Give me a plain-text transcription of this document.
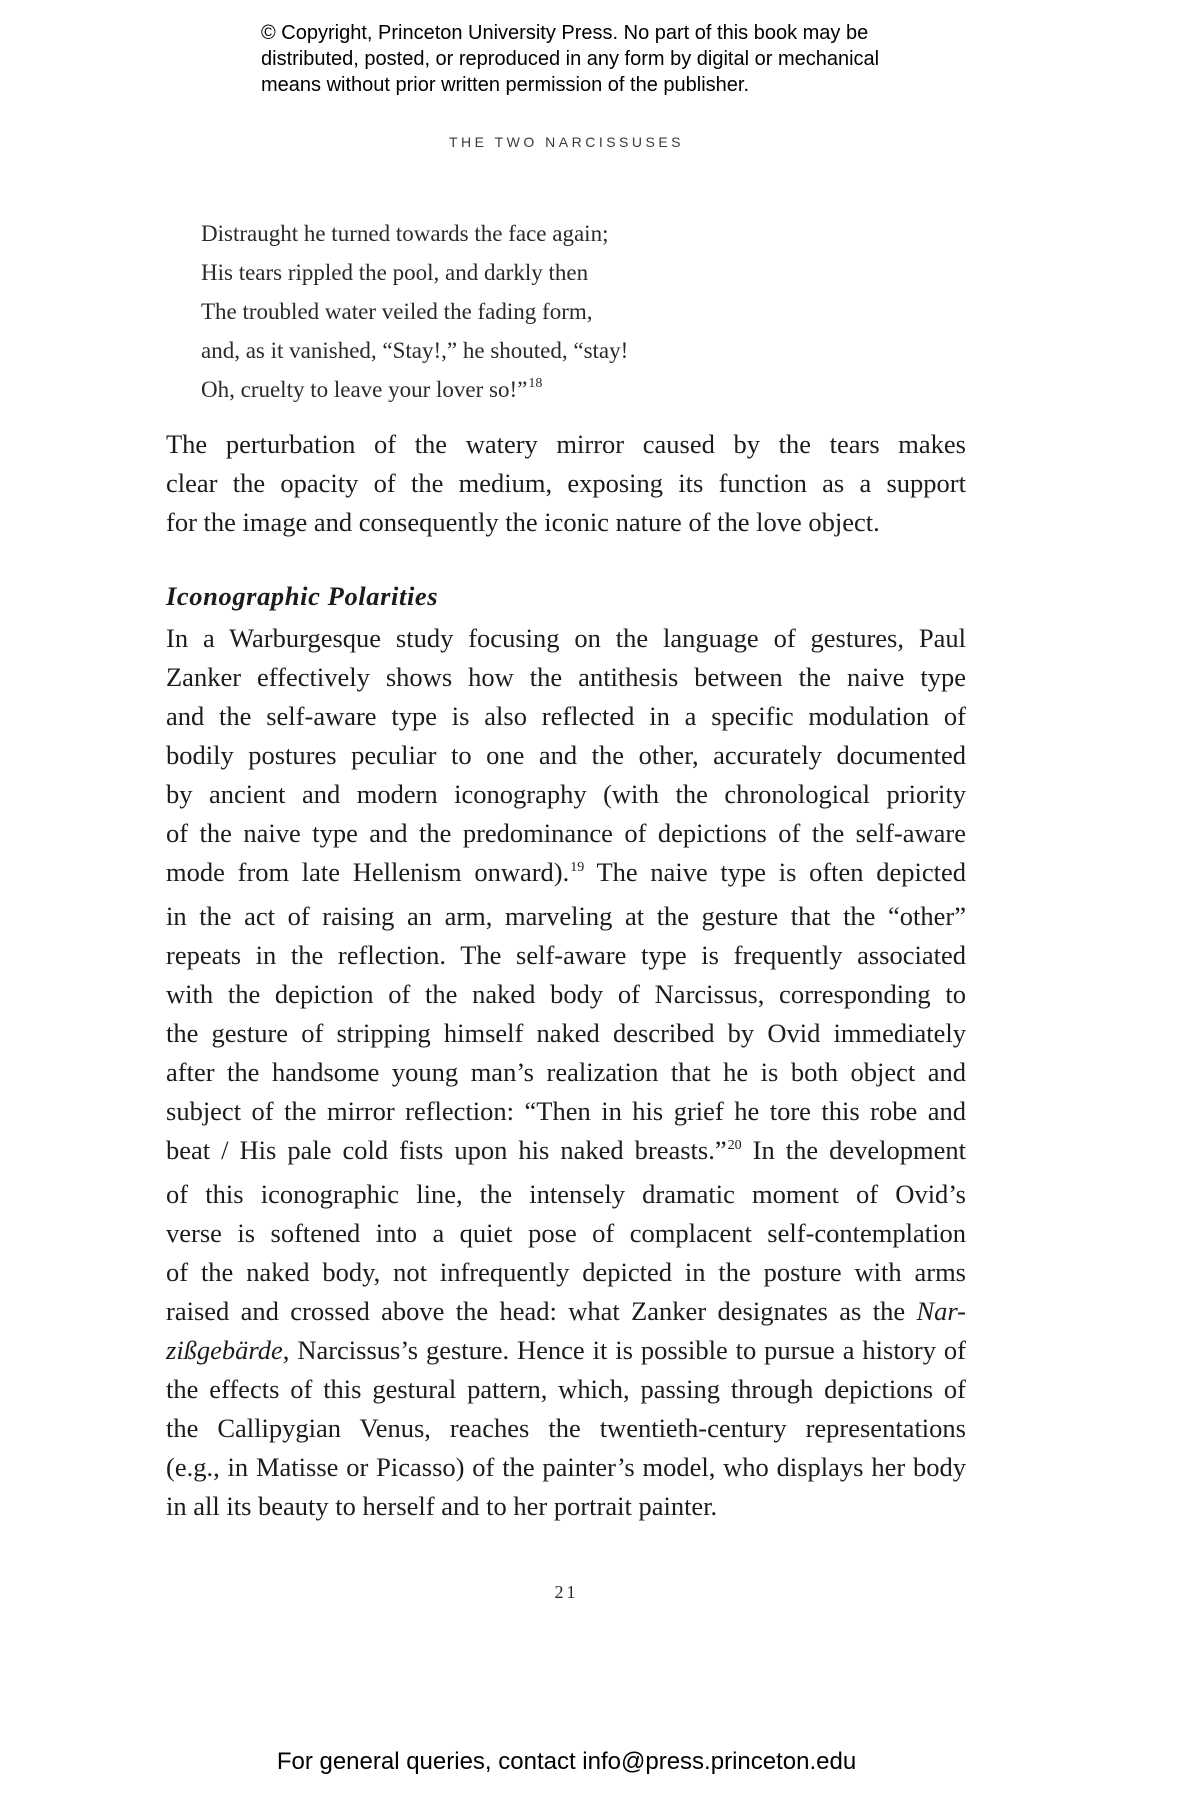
© Copyright, Princeton University Press. No part of this book may be
distributed, posted, or reproduced in any form by digital or mechanical
means without prior written permission of the publisher.
THE TWO NARCISSUSES
Distraught he turned towards the face again;
His tears rippled the pool, and darkly then
The troubled water veiled the fading form,
and, as it vanished, “Stay!,” he shouted, “stay!
Oh, cruelty to leave your lover so!”$^{18}$
The perturbation of the watery mirror caused by the tears makes
clear the opacity of the medium, exposing its function as a support
for the image and consequently the iconic nature of the love object.
Iconographic Polarities
In a Warburgesque study focusing on the language of gestures, Paul
Zanker effectively shows how the antithesis between the naive type
and the self-aware type is also reflected in a specific modulation of
bodily postures peculiar to one and the other, accurately documented
by ancient and modern iconography (with the chronological priority
of the naive type and the predominance of depictions of the self-aware
mode from late Hellenism onward).$^{19}$ The naive type is often depicted
in the act of raising an arm, marveling at the gesture that the “other”
repeats in the reflection. The self-aware type is frequently associated
with the depiction of the naked body of Narcissus, corresponding to
the gesture of stripping himself naked described by Ovid immediately
after the handsome young man’s realization that he is both object and
subject of the mirror reflection: “Then in his grief he tore this robe and
beat / His pale cold fists upon his naked breasts.”$^{20}$ In the development
of this iconographic line, the intensely dramatic moment of Ovid’s
verse is softened into a quiet pose of complacent self-contemplation
of the naked body, not infrequently depicted in the posture with arms
raised and crossed above the head: what Zanker designates as the Nar-
zißgebärde, Narcissus’s gesture. Hence it is possible to pursue a history of
the effects of this gestural pattern, which, passing through depictions of
the Callipygian Venus, reaches the twentieth-century representations
(e.g., in Matisse or Picasso) of the painter’s model, who displays her body
in all its beauty to herself and to her portrait painter.
21
For general queries, contact info@press.princeton.edu
